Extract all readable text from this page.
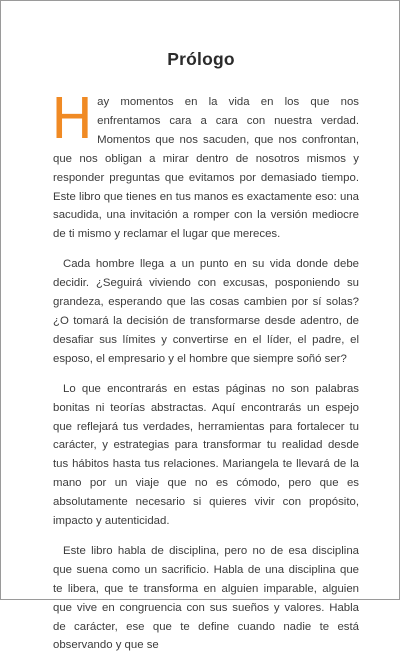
Prólogo

Hay momentos en la vida en los que nos enfrentamos cara a cara con nuestra verdad. Momentos que nos sacuden, que nos confrontan, que nos obligan a mirar dentro de nosotros mismos y responder preguntas que evitamos por demasiado tiempo. Este libro que tienes en tus manos es exactamente eso: una sacudida, una invitación a romper con la versión mediocre de ti mismo y reclamar el lugar que mereces.

Cada hombre llega a un punto en su vida donde debe decidir. ¿Seguirá viviendo con excusas, posponiendo su grandeza, esperando que las cosas cambien por sí solas? ¿O tomará la decisión de transformarse desde adentro, de desafiar sus límites y convertirse en el líder, el padre, el esposo, el empresario y el hombre que siempre soñó ser?

Lo que encontrarás en estas páginas no son palabras bonitas ni teorías abstractas. Aquí encontrarás un espejo que reflejará tus verdades, herramientas para fortalecer tu carácter, y estrategias para transformar tu realidad desde tus hábitos hasta tus relaciones. Mariangela te llevará de la mano por un viaje que no es cómodo, pero que es absolutamente necesario si quieres vivir con propósito, impacto y autenticidad.

Este libro habla de disciplina, pero no de esa disciplina que suena como un sacrificio. Habla de una disciplina que te libera, que te transforma en alguien imparable, alguien que vive en congruencia con sus sueños y valores. Habla de carácter, ese que te define cuando nadie te está observando y que se
